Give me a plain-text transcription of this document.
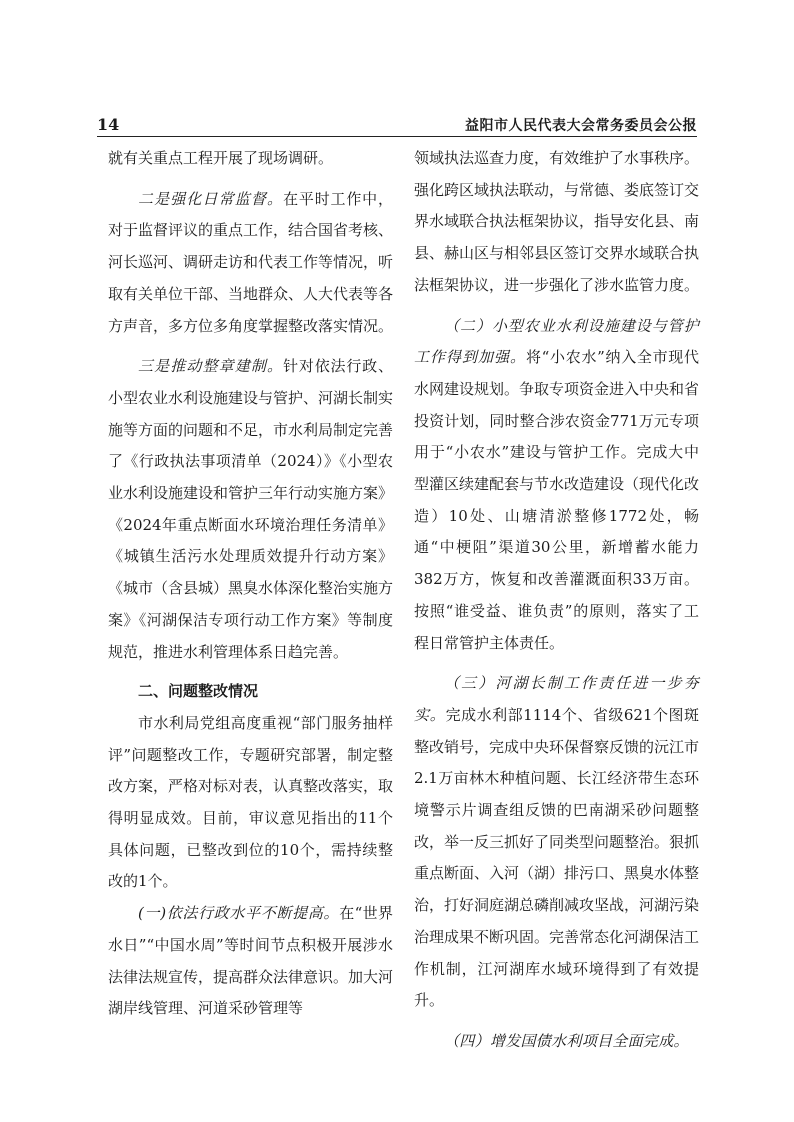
14	益阳市人民代表大会常务委员会公报

就有关重点工程开展了现场调研。

二是强化日常监督。在平时工作中，对于监督评议的重点工作，结合国省考核、河长巡河、调研走访和代表工作等情况，听取有关单位干部、当地群众、人大代表等各方声音，多方位多角度掌握整改落实情况。

三是推动整章建制。针对依法行政、小型农业水利设施建设与管护、河湖长制实施等方面的问题和不足，市水利局制定完善了《行政执法事项清单（2024）》《小型农业水利设施建设和管护三年行动实施方案》《2024年重点断面水环境治理任务清单》《城镇生活污水处理质效提升行动方案》《城市（含县城）黑臭水体深化整治实施方案》《河湖保洁专项行动工作方案》等制度规范，推进水利管理体系日趋完善。

二、问题整改情况

市水利局党组高度重视“部门服务抽样评”问题整改工作，专题研究部署，制定整改方案，严格对标对表，认真整改落实，取得明显成效。目前，审议意见指出的11个具体问题，已整改到位的10个，需持续整改的1个。

(一)依法行政水平不断提高。在“世界水日”“中国水周”等时间节点积极开展涉水法律法规宣传，提高群众法律意识。加大河湖岸线管理、河道采砂管理等

领域执法巡查力度，有效维护了水事秩序。强化跨区域执法联动，与常德、娄底签订交界水域联合执法框架协议，指导安化县、南县、赫山区与相邻县区签订交界水域联合执法框架协议，进一步强化了涉水监管力度。

（二）小型农业水利设施建设与管护工作得到加强。将“小农水”纳入全市现代水网建设规划。争取专项资金进入中央和省投资计划，同时整合涉农资金771万元专项用于“小农水”建设与管护工作。完成大中型灌区续建配套与节水改造建设（现代化改造）10处、山塘清淤整修1772处，畅通“中梗阻”渠道30公里，新增蓄水能力382万方，恢复和改善灌溉面积33万亩。按照“谁受益、谁负责”的原则，落实了工程日常管护主体责任。

（三）河湖长制工作责任进一步夯实。完成水利部1114个、省级621个图斑整改销号，完成中央环保督察反馈的沅江市2.1万亩林木种植问题、长江经济带生态环境警示片调查组反馈的巴南湖采砂问题整改，举一反三抓好了同类型问题整治。狠抓重点断面、入河（湖）排污口、黑臭水体整治，打好洞庭湖总磷削减攻坚战，河湖污染治理成果不断巩固。完善常态化河湖保洁工作机制，江河湖库水域环境得到了有效提升。

（四）增发国债水利项目全面完成。
